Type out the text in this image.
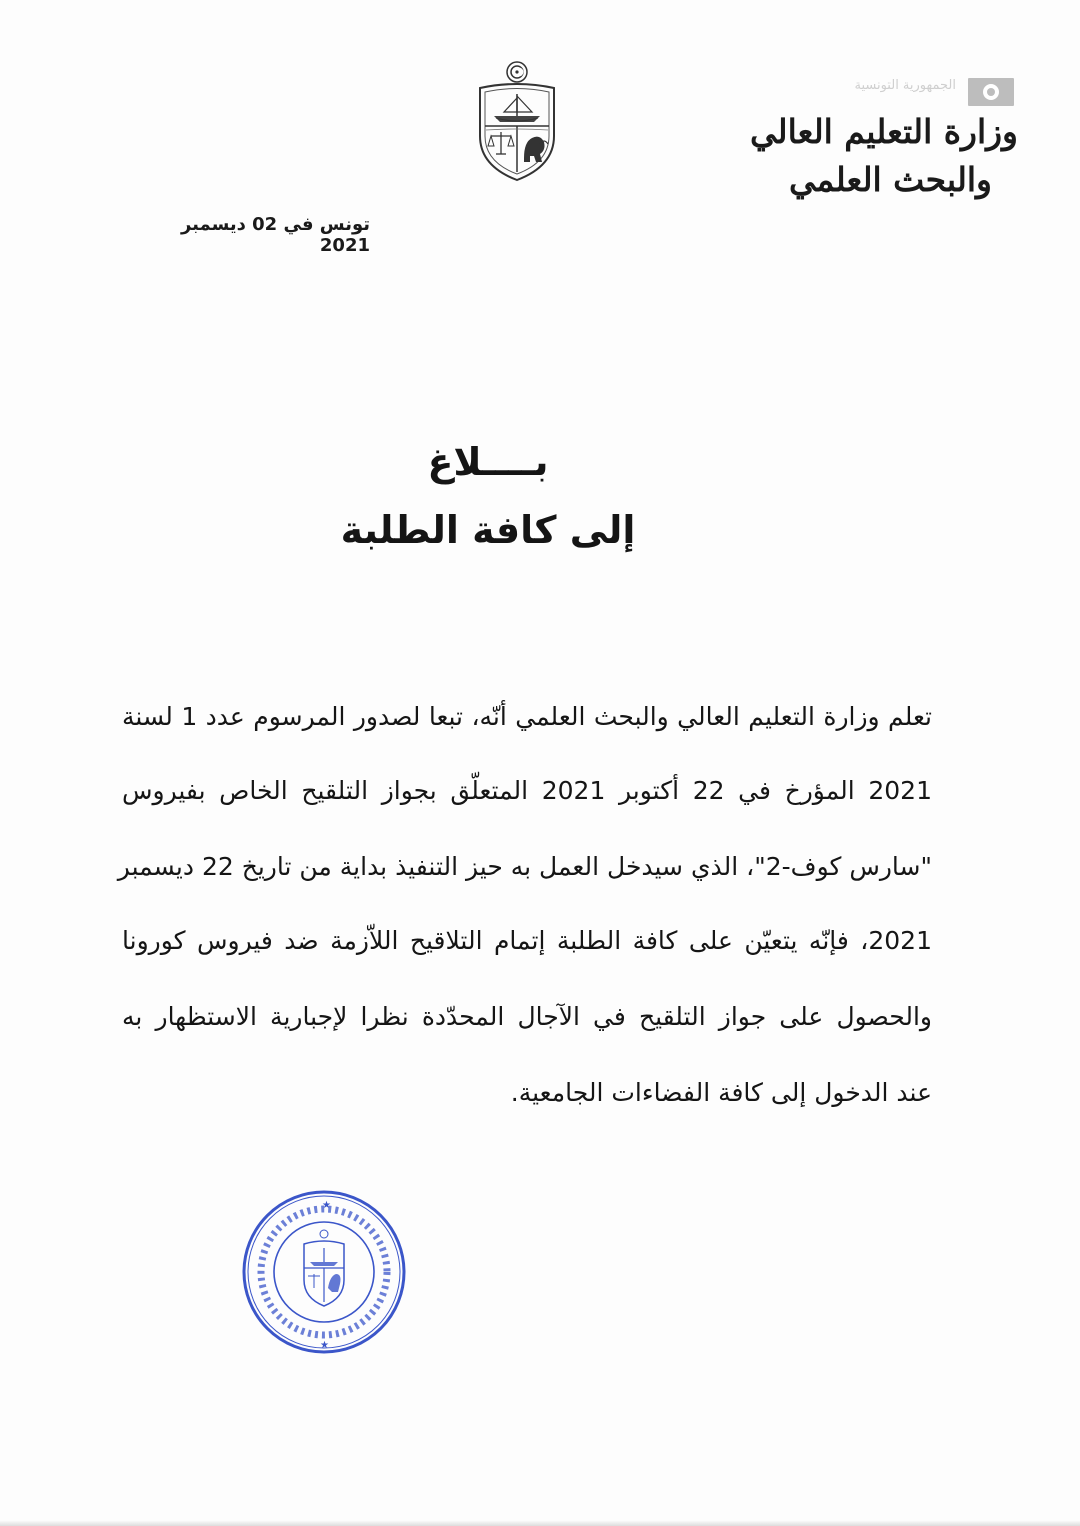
الجمهورية التونسية
وزارة التعليم العالي
والبحث العلمي
تونس في 02 ديسمبر 2021
بــــلاغ
إلى كافة الطلبة
تعلم وزارة التعليم العالي والبحث العلمي أنّه، تبعا لصدور المرسوم عدد 1 لسنة
2021 المؤرخ في 22 أكتوبر 2021 المتعلّق بجواز التلقيح الخاص بفيروس
"سارس كوف-2"، الذي سيدخل العمل به حيز التنفيذ بداية من تاريخ 22 ديسمبر
2021، فإنّه يتعيّن على كافة الطلبة إتمام التلاقيح اللاّزمة ضد فيروس كورونا
والحصول على جواز التلقيح في الآجال المحدّدة نظرا لإجبارية الاستظهار به
عند الدخول إلى كافة الفضاءات الجامعية.
★
★
